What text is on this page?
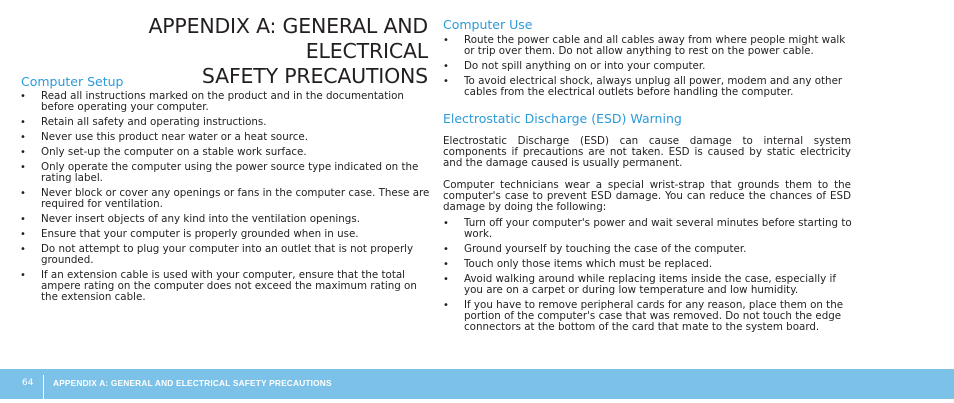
APPENDIX A: GENERAL AND ELECTRICAL
SAFETY PRECAUTIONS
Computer Setup
• Read all instructions marked on the product and in the documentation before operating your computer.
• Retain all safety and operating instructions.
• Never use this product near water or a heat source.
• Only set-up the computer on a stable work surface.
• Only operate the computer using the power source type indicated on the rating label.
• Never block or cover any openings or fans in the computer case. These are required for ventilation.
• Never insert objects of any kind into the ventilation openings.
• Ensure that your computer is properly grounded when in use.
• Do not attempt to plug your computer into an outlet that is not properly grounded.
• If an extension cable is used with your computer, ensure that the total ampere rating on the computer does not exceed the maximum rating on the extension cable.
Computer Use
• Route the power cable and all cables away from where people might walk or trip over them. Do not allow anything to rest on the power cable.
• Do not spill anything on or into your computer.
• To avoid electrical shock, always unplug all power, modem and any other cables from the electrical outlets before handling the computer.
Electrostatic Discharge (ESD) Warning

Electrostatic Discharge (ESD) can cause damage to internal system components if precautions are not taken. ESD is caused by static electricity and the damage caused is usually permanent.

Computer technicians wear a special wrist-strap that grounds them to the computer's case to prevent ESD damage. You can reduce the chances of ESD damage by doing the following:

• Turn off your computer's power and wait several minutes before starting to work.
• Ground yourself by touching the case of the computer.
• Touch only those items which must be replaced.
• Avoid walking around while replacing items inside the case, especially if you are on a carpet or during low temperature and low humidity.
• If you have to remove peripheral cards for any reason, place them on the portion of the computer's case that was removed. Do not touch the edge connectors at the bottom of the card that mate to the system board.
64 APPENDIX A: GENERAL AND ELECTRICAL SAFETY PRECAUTIONS
